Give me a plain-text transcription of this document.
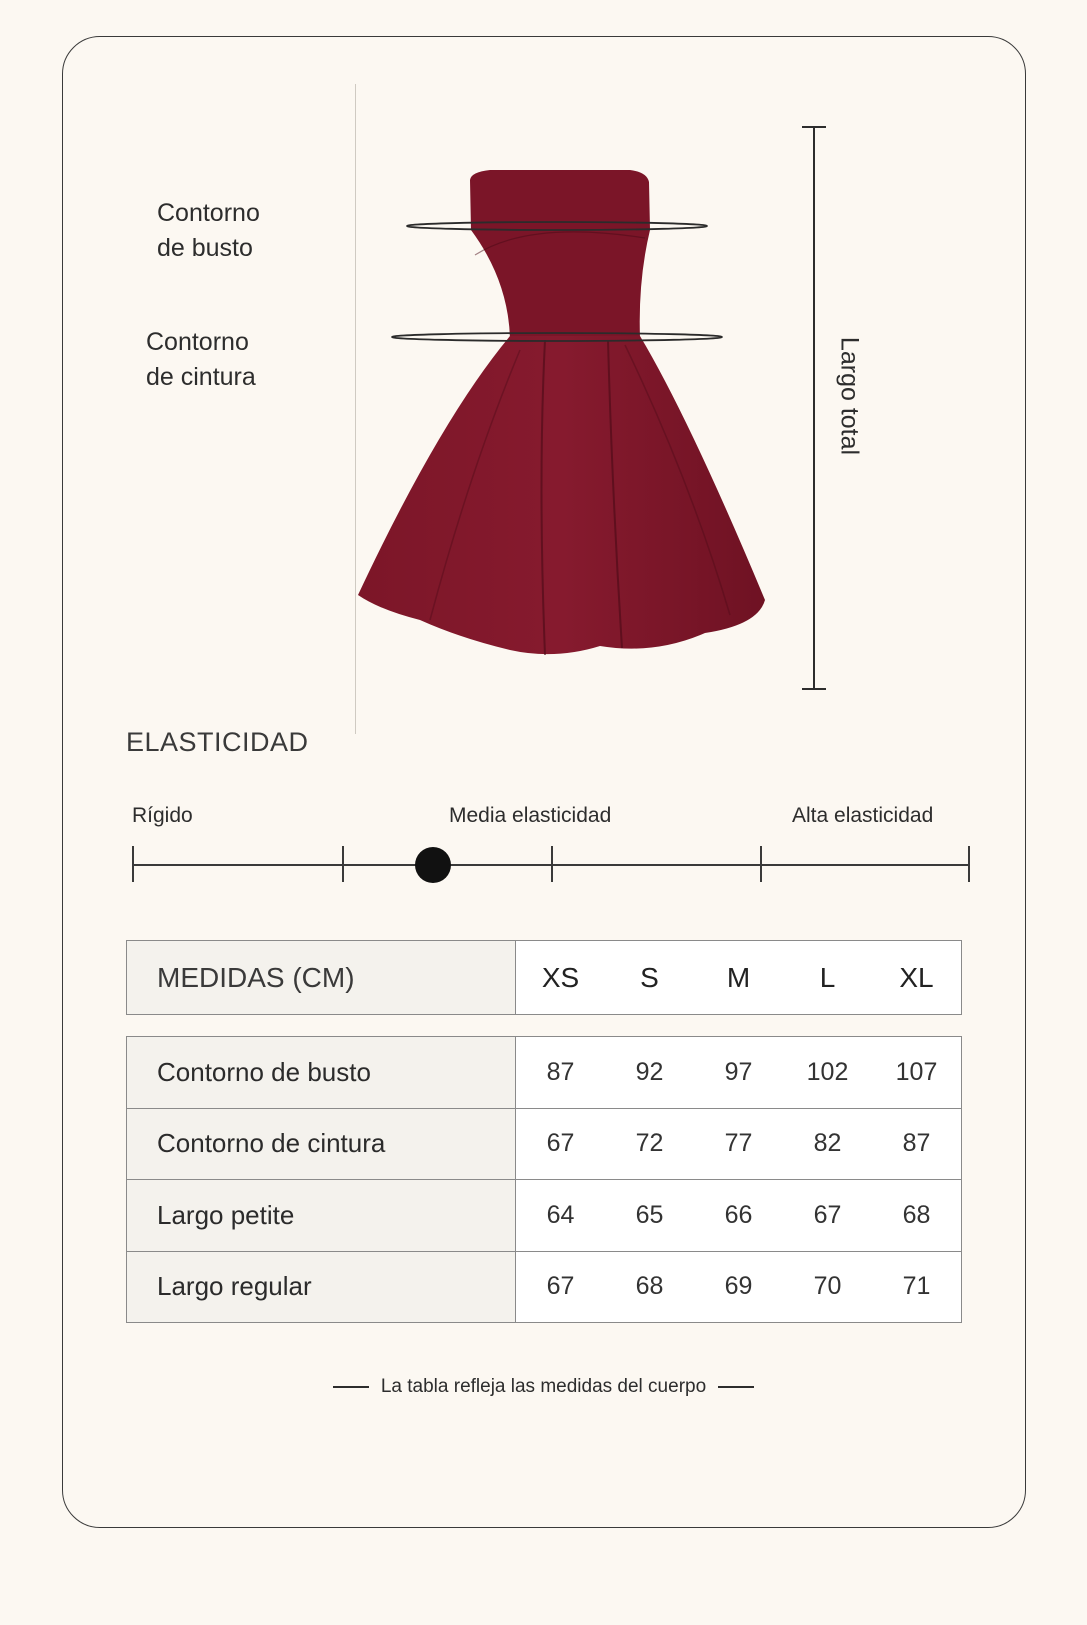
Contorno
de busto
Contorno
de cintura	Largo total
ELASTICIDAD
Rígido	Media elasticidad	Alta elasticidad
MEDIDAS (CM)	XS	S	M	L	XL
Contorno de busto	87 92 97 102 107

Contorno de cintura	67 72 77 82 87

Largo petite	64 65 66 67 68

Largo regular	67 68 69 70 71
La tabla refleja las medidas del cuerpo
